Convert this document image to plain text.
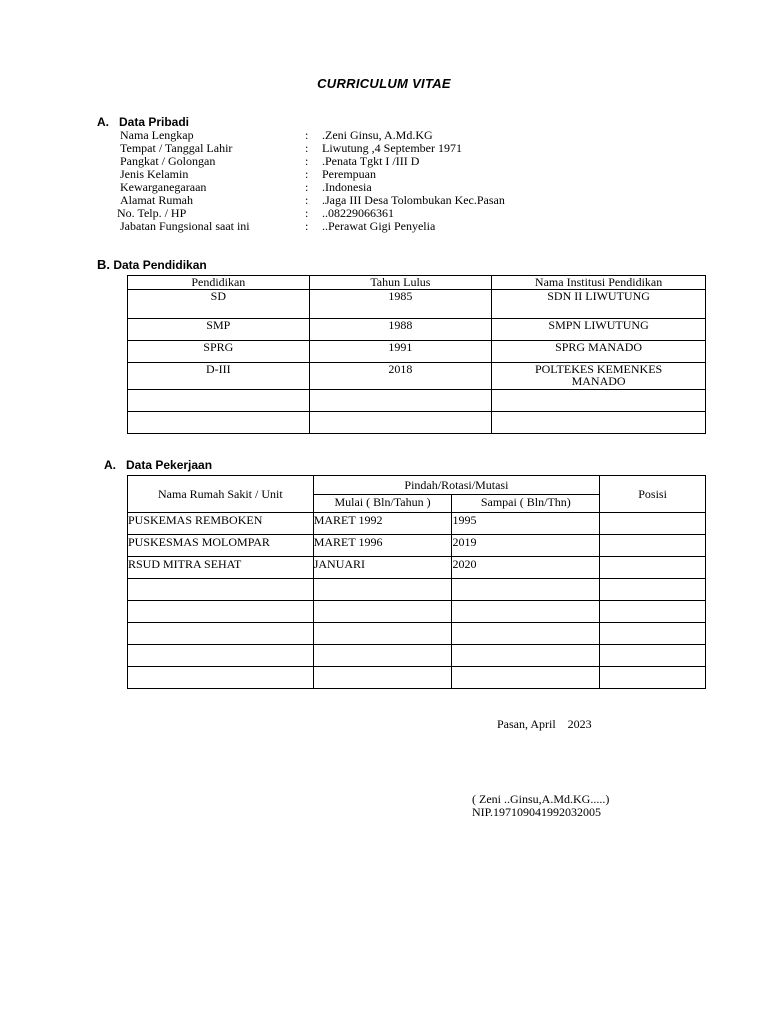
CURRICULUM VITAE
A. Data Pribadi
Nama Lengkap	: .Zeni Ginsu, A.Md.KG
Tempat / Tanggal Lahir	: Liwutung ,4 September 1971
Pangkat / Golongan	: .Penata Tgkt I /III D
Jenis Kelamin	: Perempuan
Kewarganegaraan	: .Indonesia
Alamat Rumah	: .Jaga III Desa Tolombukan Kec.Pasan
No. Telp. / HP	: ..08229066361
Jabatan Fungsional saat ini	: ..Perawat Gigi Penyelia
B. Data Pendidikan
Pendidikan	Tahun Lulus	Nama Institusi Pendidikan
SD	1985	SDN II LIWUTUNG
SMP	1988	SMPN LIWUTUNG
SPRG	1991	SPRG MANADO
D-III	2018	POLTEKES KEMENKES MANADO

A. Data Pekerjaan
Nama Rumah Sakit / Unit	Pindah/Rotasi/Mutasi		Posisi
	Mulai ( Bln/Tahun )	Sampai ( Bln/Thn)	
PUSKEMAS REMBOKEN	MARET 1992	1995	
PUSKESMAS MOLOMPAR	MARET 1996	2019	
RSUD MITRA SEHAT	JANUARI	2020	

Pasan, April    2023
( Zeni ..Ginsu,A.Md.KG.....)
NIP.197109041992032005
